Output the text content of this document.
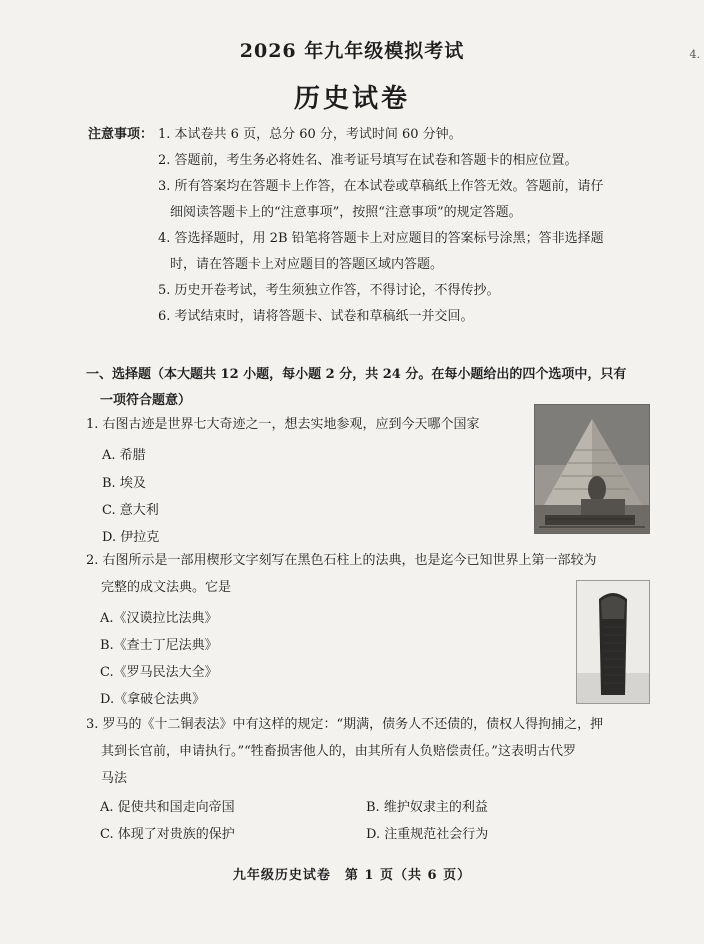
4.
2026 年九年级模拟考试
历史试卷
注意事项： 1. 本试卷共 6 页，总分 60 分，考试时间 60 分钟。
2. 答题前，考生务必将姓名、准考证号填写在试卷和答题卡的相应位置。
3. 所有答案均在答题卡上作答，在本试卷或草稿纸上作答无效。答题前，请仔
细阅读答题卡上的“注意事项”，按照“注意事项”的规定答题。
4. 答选择题时，用 2B 铅笔将答题卡上对应题目的答案标号涂黑；答非选择题
时，请在答题卡上对应题目的答题区域内答题。
5. 历史开卷考试，考生须独立作答，不得讨论，不得传抄。
6. 考试结束时，请将答题卡、试卷和草稿纸一并交回。
一、选择题（本大题共 12 小题，每小题 2 分，共 24 分。在每小题给出的四个选项中，只有
一项符合题意）
1. 右图古迹是世界七大奇迹之一，想去实地参观，应到今天哪个国家
A. 希腊
B. 埃及
C. 意大利
D. 伊拉克
2. 右图所示是一部用楔形文字刻写在黑色石柱上的法典，也是迄今已知世界上第一部较为
完整的成文法典。它是
A.《汉谟拉比法典》
B.《查士丁尼法典》
C.《罗马民法大全》
D.《拿破仑法典》
3. 罗马的《十二铜表法》中有这样的规定：“期满，债务人不还债的，债权人得拘捕之，押
其到长官前，申请执行。”“牲畜损害他人的，由其所有人负赔偿责任。”这表明古代罗
马法
A. 促使共和国走向帝国	B. 维护奴隶主的利益
C. 体现了对贵族的保护	D. 注重规范社会行为
九年级历史试卷　第 1 页（共 6 页）
